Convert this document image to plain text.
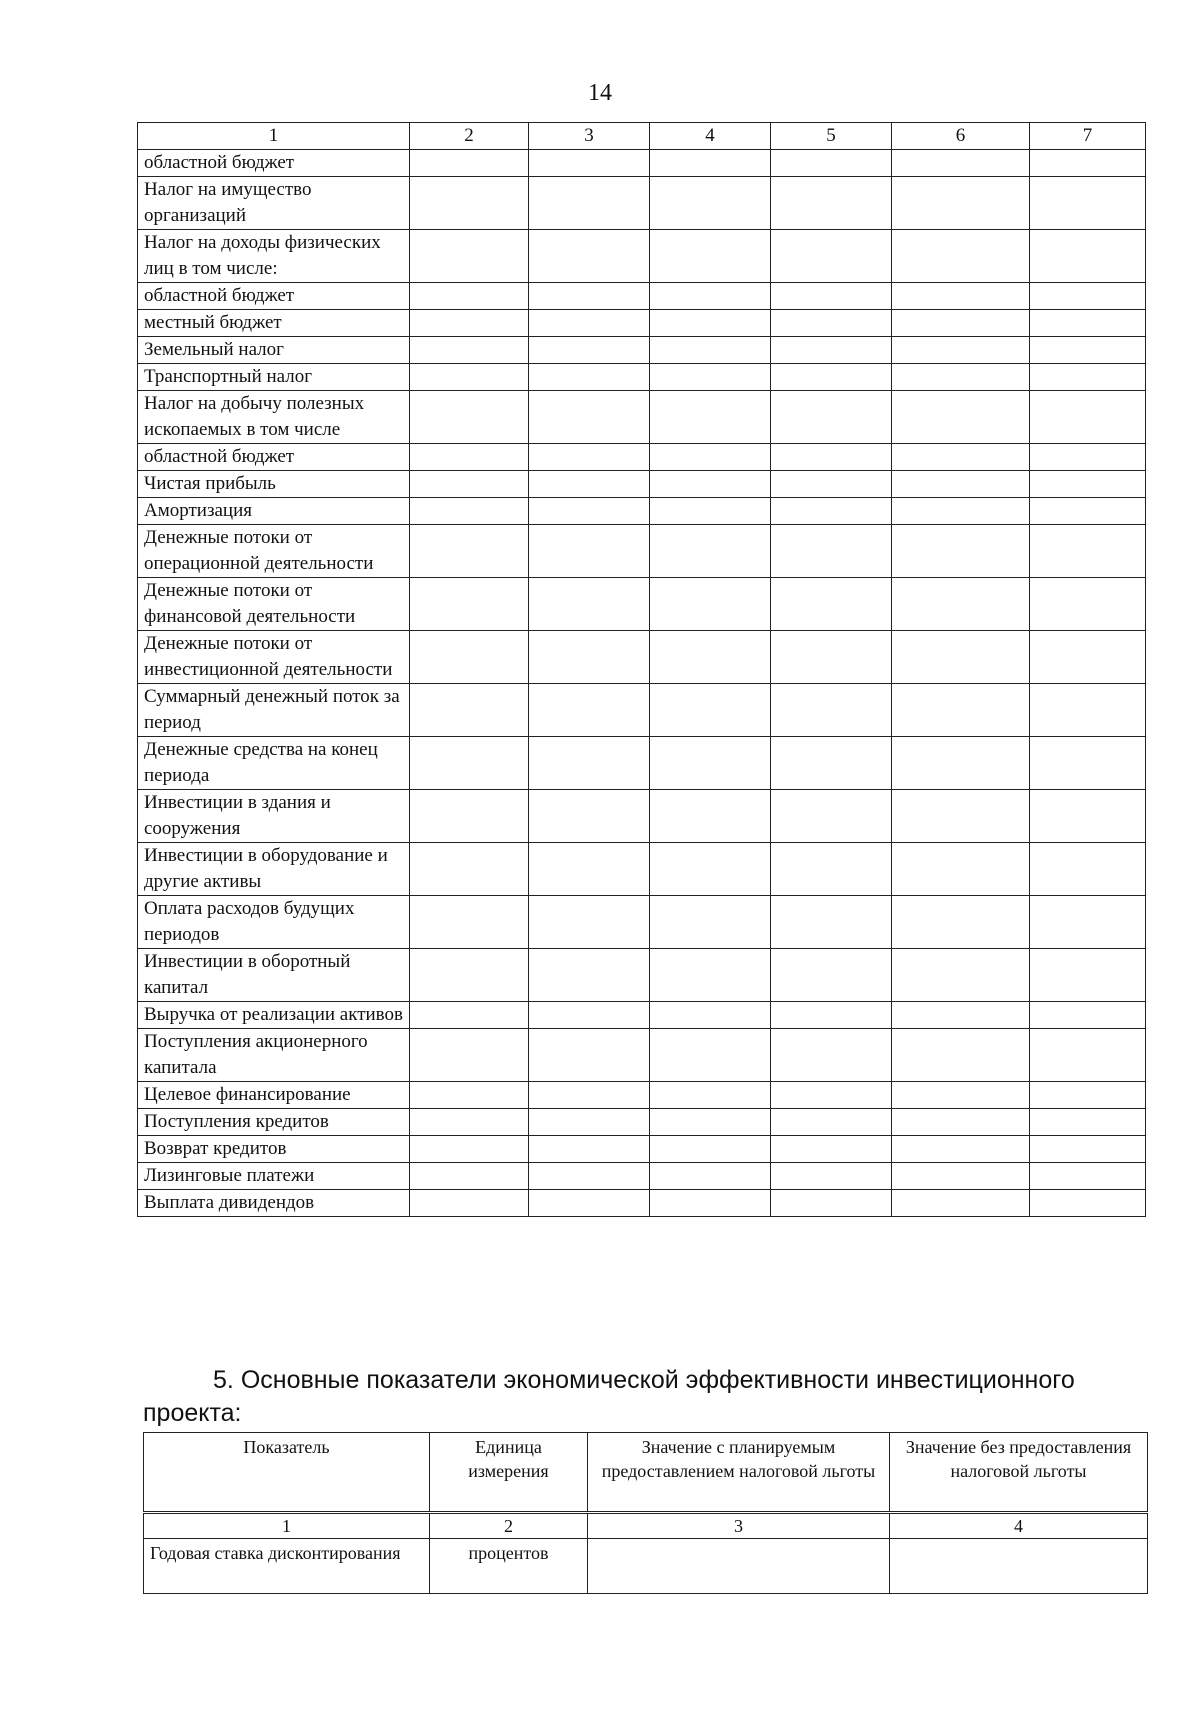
14
1	2	3	4	5	6	7
областной бюджет						
Налог на имущество организаций						
Налог на доходы физических лиц в том числе:						
областной бюджет						
местный бюджет						
Земельный налог						
Транспортный налог						
Налог на добычу полезных ископаемых в том числе						
областной бюджет						
Чистая прибыль						
Амортизация						
Денежные потоки от операционной деятельности						
Денежные потоки от финансовой деятельности						
Денежные потоки от инвестиционной деятельности						
Суммарный денежный поток за период						
Денежные средства на конец периода						
Инвестиции в здания и сооружения						
Инвестиции в оборудование и другие активы						
Оплата расходов будущих периодов						
Инвестиции в оборотный капитал						
Выручка от реализации активов						
Поступления акционерного капитала						
Целевое финансирование						
Поступления кредитов						
Возврат кредитов						
Лизинговые платежи						
Выплата дивидендов						
5. Основные показатели экономической эффективности инвестиционного проекта:
Показатель	Единица измерения	Значение с планируемым предоставлением налоговой льготы	Значение без предоставления налоговой льготы
1	2	3	4
Годовая ставка дисконтирования	процентов		
